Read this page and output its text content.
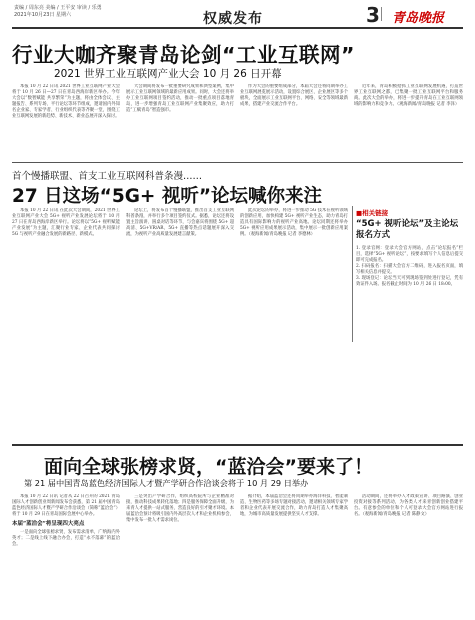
责编 / 周东亮 美编 / 王平安 审读 / 乐勇
2021年10月23日 星期六	权威发布	3 青岛晚报
行业大咖齐聚青岛论剑“工业互联网”
2021 世界工业互联网产业大会 10 月 26 日开幕

本报 10 月 22 日讯 2021 世界工业互联网产业大会将于 10 月 26 日—27 日在青岛西海岸新区举办。今年大会以“数智赋能 共享繁荣”为主题，将由全体会议、主题报告、系列专场、平行论坛等环节组成，邀请国内外知名企业家、专家学者、行业组织代表等齐聚一堂，围绕工业互联网发展的新趋势、新技术、新业态展开深入探讨。

大会期间将发布一批重要研究成果和典型案例，集中展示工业互联网领域的最新应用成果。同时，大会还将举办工业互联网项目签约活动，推动一批重点项目落地青岛，进一步增强青岛工业互联网产业集聚效应，助力打造“工赋青岛”智造强市。

作为大会的重要组成部分，本届大会还将同期举办工业互联网展览展示活动，设置综合展区、企业展区等多个板块，全面展示工业互联网平台、网络、安全等领域最新成果，搭建产业交流合作平台。

近年来，青岛积极抢抓工业互联网发展机遇，打造世界工业互联网之都，已集聚一批工业互联网平台和服务商。此次大会的举办，将进一步提升青岛在工业互联网领域的影响力和竞争力。（观海新闻/青岛晚报 记者 李泽）

首个慢播联盟、首支工业互联网科普条漫……
27 日这场“5G+ 视听”论坛喊你来注

本报 10 月 22 日讯 在此次大会期间，2021 世界工业互联网产业大会 5G+ 视听产业发展论坛将于 10 月 27 日在青岛西海岸新区举行。论坛将以“5G+ 视听赋能产业发展”为主题，汇聚行业专家、企业代表共同探讨 5G 与视听产业融合发展的新路径、新模式。

论坛上，将发布首个慢播联盟，推出首支工业互联网科普条漫，并举行多个项目签约仪式。据悉，论坛还将设置主旨演讲、圆桌对话等环节，与会嘉宾将围绕 5G+ 超高清、5G+VR/AR、5G+ 直播等热点话题展开深入交流，为视听产业高质量发展建言献策。

此次论坛的举办，将进一步推动 5G 技术在视听领域的创新应用，加快构建 5G+ 视听产业生态，助力青岛打造具有国际影响力的视听产业高地。论坛同期还将举办 5G+ 视听应用成果展示活动，集中展示一批创新应用案例。（观海新闻/青岛晚报 记者 李德林）

■相关链接
“5G+ 视听论坛”及主论坛报名方式
1. 登录官网：登录大会官方网站，点击“论坛报名”栏目，选择“5G+ 视听论坛”，按要求填写个人信息后提交即可完成报名。
2. 扫码报名：扫描大会官方二维码，进入报名页面，填写相关信息并提交。
3. 现场登记：论坛当天可到现场签到处进行登记，凭有效证件入场。报名截止时间为 10 月 26 日 18:00。
面向全球张榜求贤，“蓝洽会”要来了！
第 21 届中国青岛蓝色经济国际人才暨产学研合作洽谈会将于 10 月 29 日举办

本报 10 月 22 日讯 记者从 22 日召开的 2021 青岛国际人才创新创业周新闻发布会获悉，第 21 届中国青岛蓝色经济国际人才暨产学研合作洽谈会（简称“蓝洽会”）将于 10 月 29 日在青岛国际会展中心举办。

本届“蓝洽会”将呈现四大亮点

一是面向全球张榜求贤，发布需求清单，广纳海内外英才；二是线上线下融合办会，打造“永不落幕”的蓝洽会。

三是突出产学研合作，组织高校院所与企业精准对接，推动科技成果转化落地；四是服务保障全面升级，为来青人才提供一站式服务，营造良好的引才聚才环境。本届蓝洽会预计将吸引国内外高层次人才和企业机构参会，集中发布一批人才需求岗位。

据介绍，本届蓝洽会还将同期举办海洋科技、智能制造、生物医药等多场专题对接活动，邀请相关领域专家学者和企业代表开展交流合作，助力青岛打造人才集聚高地，为城市高质量发展提供坚实人才支撑。

活动期间，还将举办人才政策宣讲、项目路演、创业投资对接等系列活动，为各类人才来青创新创业搭建平台。有意参会的单位和个人可登录大会官方网站进行报名。（观海新闻/青岛晚报 记者 陈静文）
